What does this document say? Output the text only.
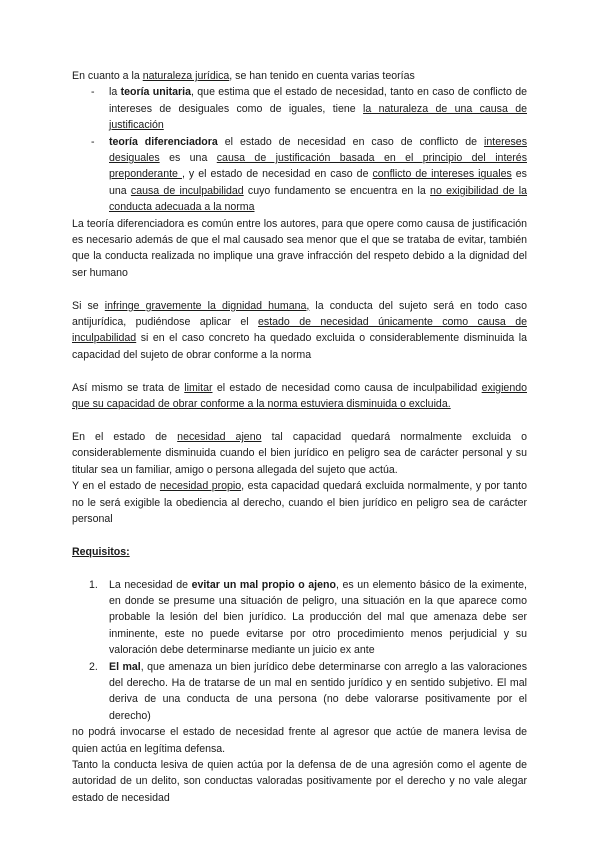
En cuanto a la naturaleza jurídica, se han tenido en cuenta varias teorías

- la teoría unitaria, que estima que el estado de necesidad, tanto en caso de conflicto de intereses de desiguales como de iguales, tiene la naturaleza de una causa de justificación
- teoría diferenciadora el estado de necesidad en caso de conflicto de intereses desiguales es una causa de justificación basada en el principio del interés preponderante , y el estado de necesidad en caso de conflicto de intereses iguales es una causa de inculpabilidad cuyo fundamento se encuentra en la no exigibilidad de la conducta adecuada a la norma

La teoría diferenciadora es común entre los autores, para que opere como causa de justificación es necesario además de que el mal causado sea menor que el que se trataba de evitar, también que la conducta realizada no implique una grave infracción del respeto debido a la dignidad del ser humano

Si se infringe gravemente la dignidad humana, la conducta del sujeto será en todo caso antijurídica, pudiéndose aplicar el estado de necesidad únicamente como causa de inculpabilidad si en el caso concreto ha quedado excluida o considerablemente disminuida la capacidad del sujeto de obrar conforme a la norma

Así mismo se trata de limitar el estado de necesidad como causa de inculpabilidad exigiendo que su capacidad de obrar conforme a la norma estuviera disminuida o excluida.

En el estado de necesidad ajeno tal capacidad quedará normalmente excluida o considerablemente disminuida cuando el bien jurídico en peligro sea de carácter personal y su titular sea un familiar, amigo o persona allegada del sujeto que actúa.

Y en el estado de necesidad propio, esta capacidad quedará excluida normalmente, y por tanto no le será exigible la obediencia al derecho, cuando el bien jurídico en peligro sea de carácter personal

Requisitos:

1. La necesidad de evitar un mal propio o ajeno, es un elemento básico de la eximente, en donde se presume una situación de peligro, una situación en la que aparece como probable la lesión del bien jurídico. La producción del mal que amenaza debe ser inminente, este no puede evitarse por otro procedimiento menos perjudicial y su valoración debe determinarse mediante un juicio ex ante
2. El mal, que amenaza un bien jurídico debe determinarse con arreglo a las valoraciones del derecho. Ha de tratarse de un mal en sentido jurídico y en sentido subjetivo. El mal deriva de una conducta de una persona (no debe valorarse positivamente por el derecho)

no podrá invocarse el estado de necesidad frente al agresor que actúe de manera levisa de quien actúa en legítima defensa.

Tanto la conducta lesiva de quien actúa por la defensa de de una agresión como el agente de autoridad de un delito, son conductas valoradas positivamente por el derecho y no vale alegar estado de necesidad
